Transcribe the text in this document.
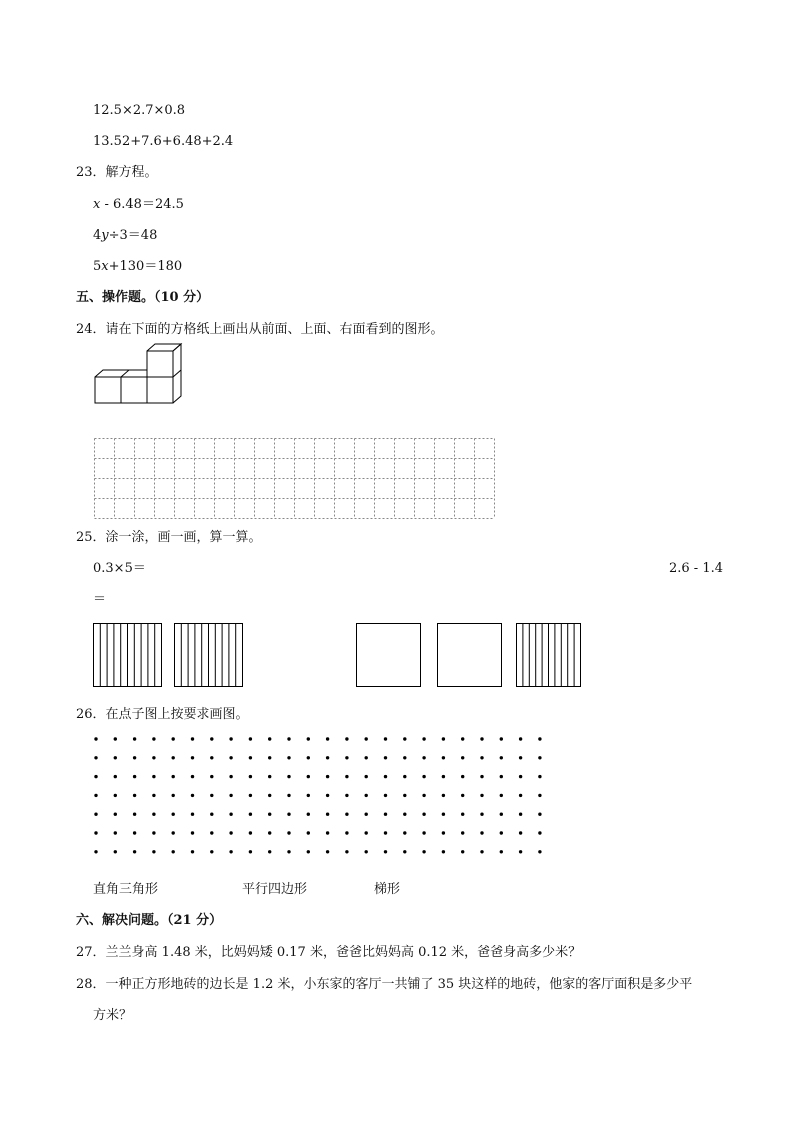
12.5×2.7×0.8
13.52+7.6+6.48+2.4
23．解方程。
x - 6.48＝24.5
4y÷3＝48
5x+130＝180
五、操作题。（10 分）
24．请在下面的方格纸上画出从前面、上面、右面看到的图形。
25．涂一涂，画一画，算一算。
0.3×5＝	2.6 - 1.4
＝
26．在点子图上按要求画图。
直角三角形	平行四边形	梯形
六、解决问题。（21 分）
27．兰兰身高 1.48 米，比妈妈矮 0.17 米，爸爸比妈妈高 0.12 米，爸爸身高多少米？
28．一种正方形地砖的边长是 1.2 米，小东家的客厅一共铺了 35 块这样的地砖，他家的客厅面积是多少平
方米？
